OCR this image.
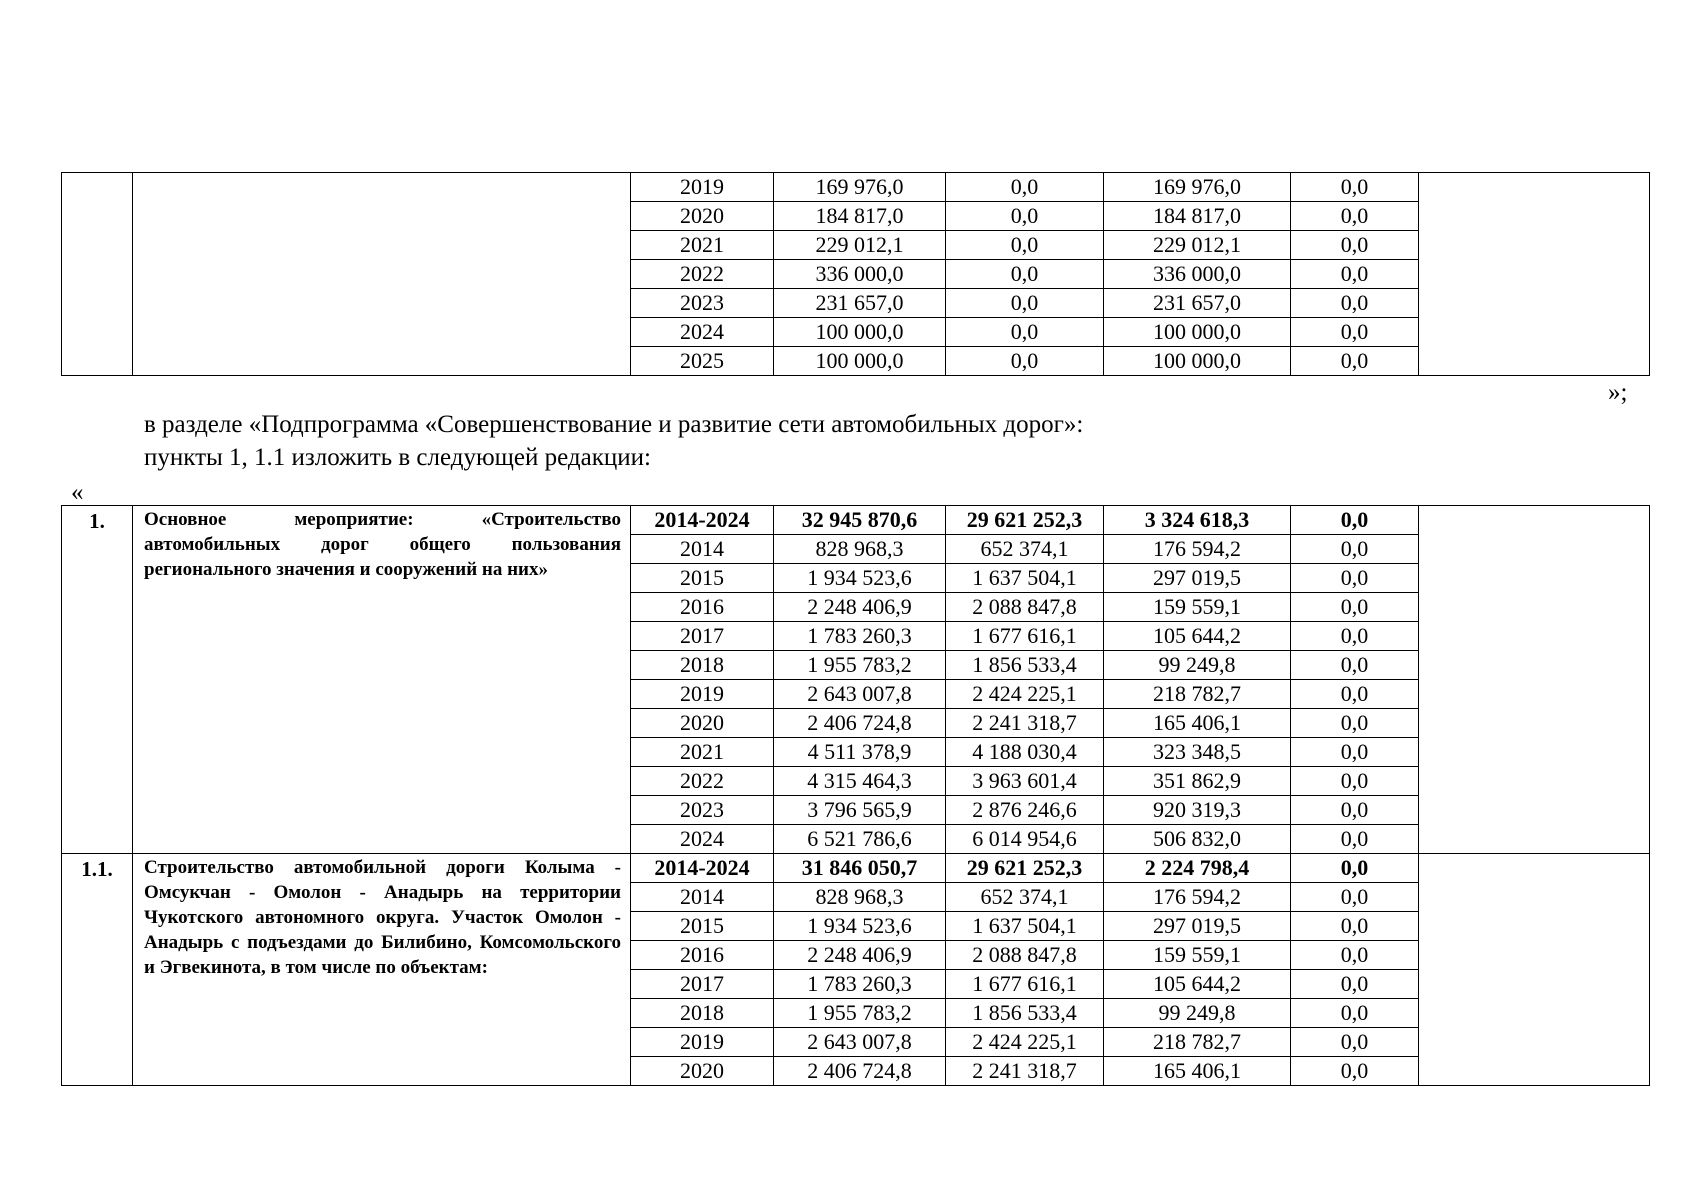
		2019	169 976,0	0,0	169 976,0	0,0	
		2020	184 817,0	0,0	184 817,0	0,0	
		2021	229 012,1	0,0	229 012,1	0,0	
		2022	336 000,0	0,0	336 000,0	0,0	
		2023	231 657,0	0,0	231 657,0	0,0	
		2024	100 000,0	0,0	100 000,0	0,0	
		2025	100 000,0	0,0	100 000,0	0,0	
»;
в разделе «Подпрограмма «Совершенствование и развитие сети автомобильных дорог»:
пункты 1, 1.1 изложить в следующей редакции:
«
1.	Основное мероприятие: «Строительство автомобильных дорог общего пользования регионального значения и сооружений на них»	2014-2024	32 945 870,6	29 621 252,3	3 324 618,3	0,0	
		2014	828 968,3	652 374,1	176 594,2	0,0	
		2015	1 934 523,6	1 637 504,1	297 019,5	0,0	
		2016	2 248 406,9	2 088 847,8	159 559,1	0,0	
		2017	1 783 260,3	1 677 616,1	105 644,2	0,0	
		2018	1 955 783,2	1 856 533,4	99 249,8	0,0	
		2019	2 643 007,8	2 424 225,1	218 782,7	0,0	
		2020	2 406 724,8	2 241 318,7	165 406,1	0,0	
		2021	4 511 378,9	4 188 030,4	323 348,5	0,0	
		2022	4 315 464,3	3 963 601,4	351 862,9	0,0	
		2023	3 796 565,9	2 876 246,6	920 319,3	0,0	
		2024	6 521 786,6	6 014 954,6	506 832,0	0,0	
1.1.	Строительство автомобильной дороги Колыма - Омсукчан - Омолон - Анадырь на территории Чукотского автономного округа. Участок Омолон - Анадырь с подъездами до Билибино, Комсомольского и Эгвекинота, в том числе по объектам:	2014-2024	31 846 050,7	29 621 252,3	2 224 798,4	0,0	
		2014	828 968,3	652 374,1	176 594,2	0,0	
		2015	1 934 523,6	1 637 504,1	297 019,5	0,0	
		2016	2 248 406,9	2 088 847,8	159 559,1	0,0	
		2017	1 783 260,3	1 677 616,1	105 644,2	0,0	
		2018	1 955 783,2	1 856 533,4	99 249,8	0,0	
		2019	2 643 007,8	2 424 225,1	218 782,7	0,0	
		2020	2 406 724,8	2 241 318,7	165 406,1	0,0	
